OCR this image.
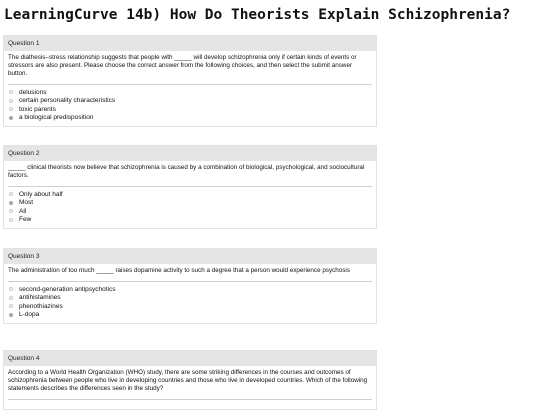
LearningCurve 14b) How Do Theorists Explain Schizophrenia?
Question 1
The diathesis–stress relationship suggests that people with _____ will develop schizophrenia only if certain kinds of events or stressors are also present. Please choose the correct answer from the following choices, and then select the submit answer button.
delusions
certain personality characteristics
toxic parents
a biological predisposition
Question 2
_____ clinical theorists now believe that schizophrenia is caused by a combination of biological, psychological, and sociocultural factors.
Only about half
Most
All
Few
Question 3
The administration of too much _____ raises dopamine activity to such a degree that a person would experience psychosis
second-generation antipsychotics
antihistamines
phenothiazines
L-dopa
Question 4
According to a World Health Organization (WHO) study, there are some striking differences in the courses and outcomes of schizophrenia between people who live in developing countries and those who live in developed countries. Which of the following statements describes the differences seen in the study?
